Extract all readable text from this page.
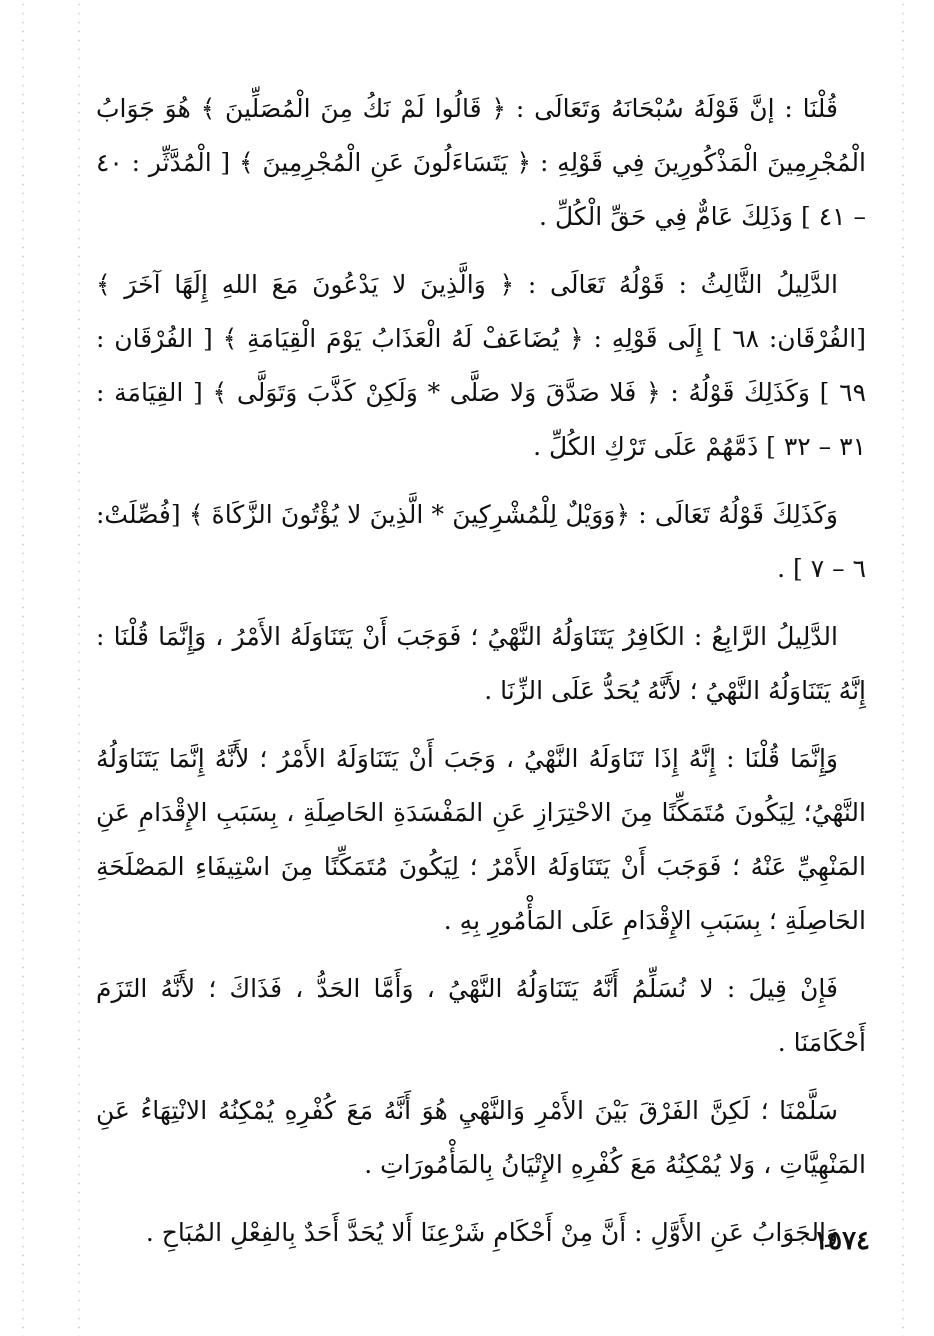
قُلْنَا : إنَّ قَوْلَهُ سُبْحَانَهُ وَتَعَالَى : ﴿ قَالُوا لَمْ نَكُ مِنَ الْمُصَلِّينَ ﴾ هُوَ جَوَابُ الْمُجْرِمِينَ الْمَذْكُورِينَ فِي قَوْلِهِ : ﴿ يَتَسَاءَلُونَ عَنِ الْمُجْرِمِينَ ﴾ [ الْمُدَّثِّر : ٤٠ – ٤١ ] وَذَلِكَ عَامٌّ فِي حَقِّ الْكُلِّ .

الدَّلِيلُ الثَّالِثُ : قَوْلُهُ تَعَالَى : ﴿ وَالَّذِينَ لا يَدْعُونَ مَعَ اللهِ إِلَهًا آخَرَ ﴾ [الفُرْقَان: ٦٨ ] إِلَى قَوْلِهِ : ﴿ يُضَاعَفْ لَهُ الْعَذَابُ يَوْمَ الْقِيَامَةِ ﴾ [ الفُرْقَان : ٦٩ ] وَكَذَلِكَ قَوْلُهُ : ﴿ فَلا صَدَّقَ وَلا صَلَّى * وَلَكِنْ كَذَّبَ وَتَوَلَّى ﴾ [ القِيَامَة : ٣١ – ٣٢ ] ذَمَّهُمْ عَلَى تَرْكِ الكُلِّ .

وَكَذَلِكَ قَوْلُهُ تَعَالَى : ﴿وَوَيْلٌ لِلْمُشْرِكِينَ * الَّذِينَ لا يُؤْتُونَ الزَّكَاةَ ﴾ [فُصِّلَتْ: ٦ – ٧ ] .

الدَّلِيلُ الرَّابِعُ : الكَافِرُ يَتَنَاوَلُهُ النَّهْيُ ؛ فَوَجَبَ أَنْ يَتَنَاوَلَهُ الأَمْرُ ، وَإِنَّمَا قُلْنَا : إِنَّهُ يَتَنَاوَلُهُ النَّهْيُ ؛ لأَنَّهُ يُحَدُّ عَلَى الزِّنَا .

وَإِنَّمَا قُلْنَا : إِنَّهُ إِذَا تَنَاوَلَهُ النَّهْيُ ، وَجَبَ أَنْ يَتَنَاوَلَهُ الأَمْرُ ؛ لأَنَّهُ إِنَّمَا يَتَنَاوَلُهُ النَّهْيُ؛ لِيَكُونَ مُتَمَكِّنًا مِنَ الاحْتِرَازِ عَنِ المَفْسَدَةِ الحَاصِلَةِ ، بِسَبَبِ الإِقْدَامِ عَنِ المَنْهِيِّ عَنْهُ ؛ فَوَجَبَ أَنْ يَتَنَاوَلَهُ الأَمْرُ ؛ لِيَكُونَ مُتَمَكِّنًا مِنَ اسْتِيفَاءِ المَصْلَحَةِ الحَاصِلَةِ ؛ بِسَبَبِ الإِقْدَامِ عَلَى المَأْمُورِ بِهِ .

فَإِنْ قِيلَ : لا نُسَلِّمُ أَنَّهُ يَتَنَاوَلُهُ النَّهْيُ ، وَأَمَّا الحَدُّ ، فَذَاكَ ؛ لأَنَّهُ التَزَمَ أَحْكَامَنَا .

سَلَّمْنَا ؛ لَكِنَّ الفَرْقَ بَيْنَ الأَمْرِ وَالنَّهْيِ هُوَ أَنَّهُ مَعَ كُفْرِهِ يُمْكِنُهُ الانْتِهَاءُ عَنِ المَنْهِيَّاتِ ، وَلا يُمْكِنُهُ مَعَ كُفْرِهِ الإِتْيَانُ بِالمَأْمُورَاتِ .

وَالجَوَابُ عَنِ الأَوَّلِ : أَنَّ مِنْ أَحْكَامِ شَرْعِنَا أَلا يُحَدَّ أَحَدٌ بِالفِعْلِ المُبَاحِ .

١٥٧٤
